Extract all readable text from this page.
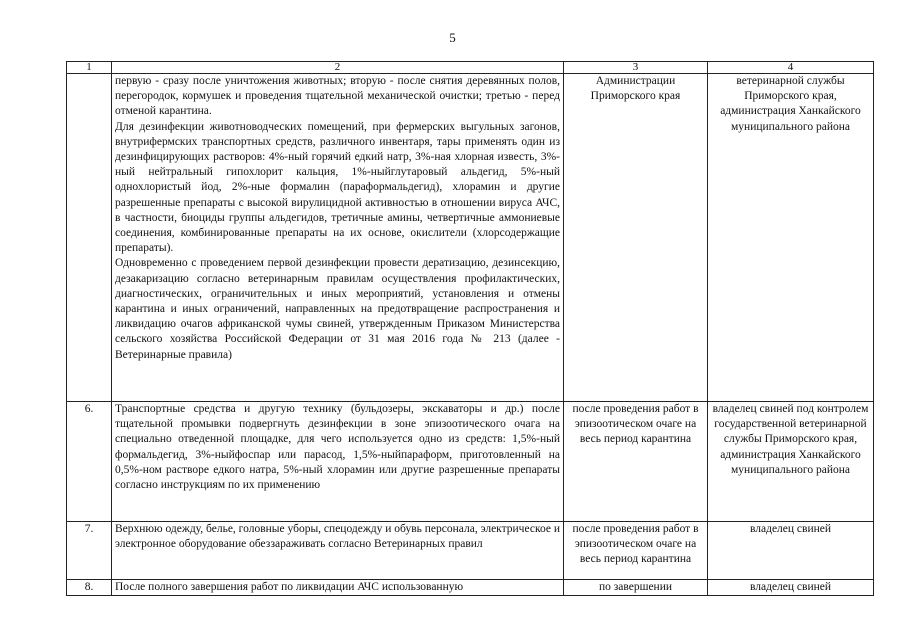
5
1	2	3	4

	первую - сразу после уничтожения животных; вторую - после снятия деревянных полов, перегородок, кормушек и проведения тщательной механической очистки; третью - перед отменой карантина.

Для дезинфекции животноводческих помещений, при фермерских выгульных загонов, внутрифермских транспортных средств, различного инвентаря, тары применять один из дезинфицирующих растворов: 4%-ный горячий едкий натр, 3%-ная хлорная известь, 3%-ный нейтральный гипохлорит кальция, 1%-ныйглутаровый альдегид, 5%-ный однохлористый йод, 2%-ные формалин (параформальдегид), хлорамин и другие разрешенные препараты с высокой вирулицидной активностью в отношении вируса АЧС, в частности, биоциды группы альдегидов, третичные амины, четвертичные аммониевые соединения, комбинированные препараты на их основе, окислители (хлорсодержащие препараты).

Одновременно с проведением первой дезинфекции провести дератизацию, дезинсекцию, дезакаризацию согласно ветеринарным правилам осуществления профилактических, диагностических, ограничительных и иных мероприятий, установления и отмены карантина и иных ограничений, направленных на предотвращение распространения и ликвидацию очагов африканской чумы свиней, утвержденным Приказом Министерства сельского хозяйства Российской Федерации от 31 мая 2016 года № 213 (далее - Ветеринарные правила)	Администрации Приморского края	ветеринарной службы Приморского края, администрация Ханкайского муниципального района
6.	Транспортные средства и другую технику (бульдозеры, экскаваторы и др.) после тщательной промывки подвергнуть дезинфекции в зоне эпизоотического очага на специально отведенной площадке, для чего используется одно из средств: 1,5%-ный формальдегид, 3%-ныйфоспар или парасод, 1,5%-ныйпараформ, приготовленный на 0,5%-ном растворе едкого натра, 5%-ный хлорамин или другие разрешенные препараты согласно инструкциям по их применению	после проведения работ в эпизоотическом очаге на весь период карантина	владелец свиней под контролем государственной ветеринарной службы Приморского края, администрация Ханкайского муниципального района
7.	Верхнюю одежду, белье, головные уборы, спецодежду и обувь персонала, электрическое и электронное оборудование обеззараживать согласно Ветеринарных правил	после проведения работ в эпизоотическом очаге на весь период карантина	владелец свиней
8.	После полного завершения работ по ликвидации АЧС использованную	по завершении	владелец свиней
